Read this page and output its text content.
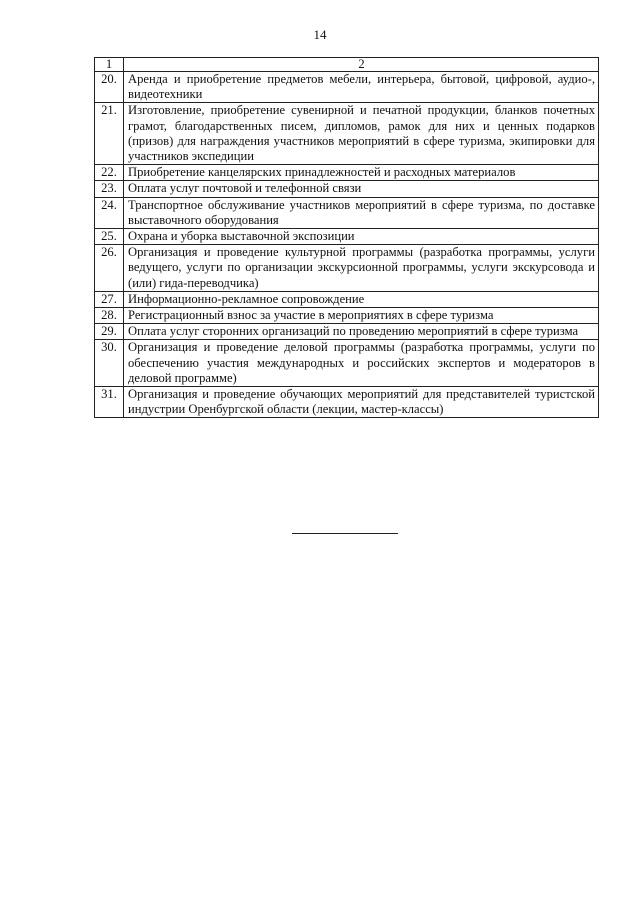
14
1	2
20.	Аренда и приобретение предметов мебели, интерьера, бытовой, цифровой, аудио-, видеотехники
21.	Изготовление, приобретение сувенирной и печатной продукции, бланков почетных грамот, благодарственных писем, дипломов, рамок для них и ценных подарков (призов) для награждения участников мероприятий в сфере туризма, экипировки для участников экспедиции
22.	Приобретение канцелярских принадлежностей и расходных материалов
23.	Оплата услуг почтовой и телефонной связи
24.	Транспортное обслуживание участников мероприятий в сфере туризма, по доставке выставочного оборудования
25.	Охрана и уборка выставочной экспозиции
26.	Организация и проведение культурной программы (разработка программы, услуги ведущего, услуги по организации экскурсионной программы, услуги экскурсовода и (или) гида-переводчика)
27.	Информационно-рекламное сопровождение
28.	Регистрационный взнос за участие в мероприятиях в сфере туризма
29.	Оплата услуг сторонних организаций по проведению мероприятий в сфере туризма
30.	Организация и проведение деловой программы (разработка программы, услуги по обеспечению участия международных и российских экспертов и модераторов в деловой программе)
31.	Организация и проведение обучающих мероприятий для представителей туристской индустрии Оренбургской области (лекции, мастер-классы)
